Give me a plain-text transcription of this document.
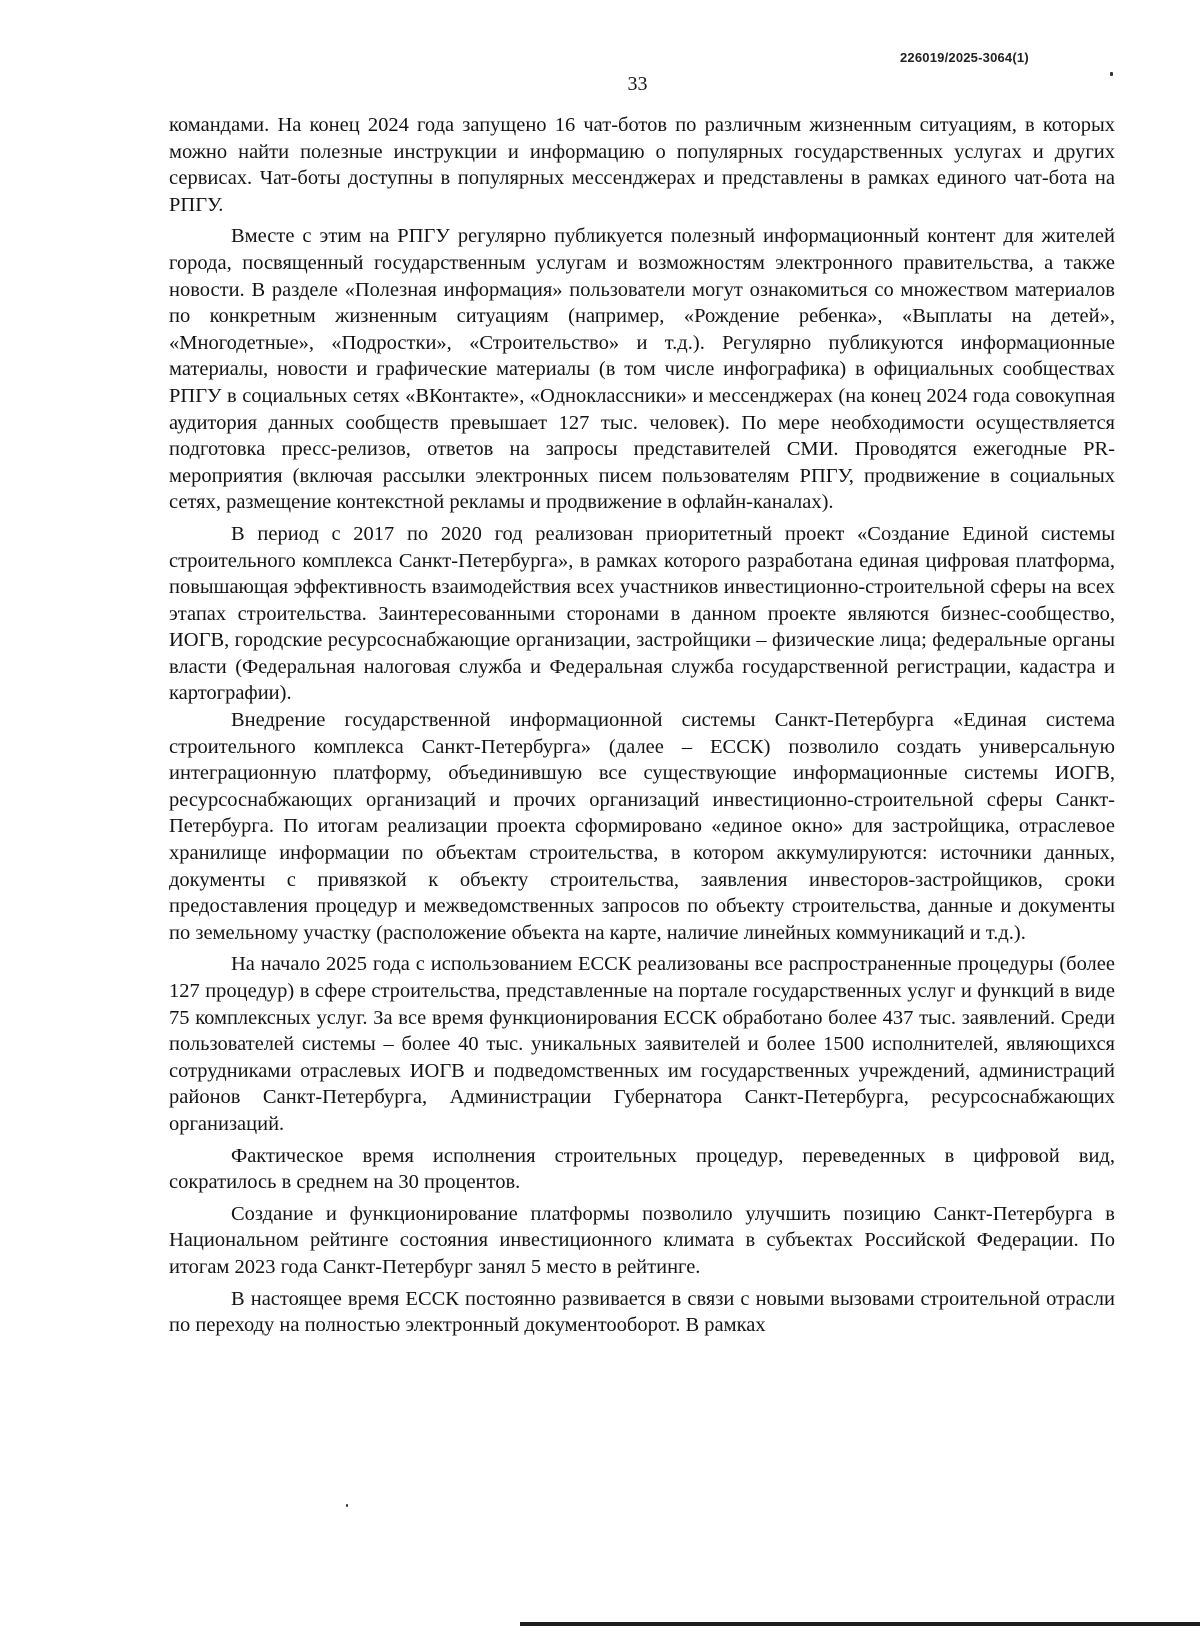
226019/2025-3064(1)
33

командами. На конец 2024 года запущено 16 чат-ботов по различным жизненным ситуациям, в которых можно найти полезные инструкции и информацию о популярных государственных услугах и других сервисах. Чат-боты доступны в популярных мессенджерах и представлены в рамках единого чат-бота на РПГУ.

Вместе с этим на РПГУ регулярно публикуется полезный информационный контент для жителей города, посвященный государственным услугам и возможностям электронного правительства, а также новости. В разделе «Полезная информация» пользователи могут ознакомиться со множеством материалов по конкретным жизненным ситуациям (например, «Рождение ребенка», «Выплаты на детей», «Многодетные», «Подростки», «Строительство» и т.д.). Регулярно публикуются информационные материалы, новости и графические материалы (в том числе инфографика) в официальных сообществах РПГУ в социальных сетях «ВКонтакте», «Одноклассники» и мессенджерах (на конец 2024 года совокупная аудитория данных сообществ превышает 127 тыс. человек). По мере необходимости осуществляется подготовка пресс-релизов, ответов на запросы представителей СМИ. Проводятся ежегодные PR-мероприятия (включая рассылки электронных писем пользователям РПГУ, продвижение в социальных сетях, размещение контекстной рекламы и продвижение в офлайн-каналах).

В период с 2017 по 2020 год реализован приоритетный проект «Создание Единой системы строительного комплекса Санкт-Петербурга», в рамках которого разработана единая цифровая платформа, повышающая эффективность взаимодействия всех участников инвестиционно-строительной сферы на всех этапах строительства. Заинтересованными сторонами в данном проекте являются бизнес-сообщество, ИОГВ, городские ресурсоснабжающие организации, застройщики – физические лица; федеральные органы власти (Федеральная налоговая служба и Федеральная служба государственной регистрации, кадастра и картографии).

Внедрение государственной информационной системы Санкт-Петербурга «Единая система строительного комплекса Санкт-Петербурга» (далее – ЕССК) позволило создать универсальную интеграционную платформу, объединившую все существующие информационные системы ИОГВ, ресурсоснабжающих организаций и прочих организаций инвестиционно-строительной сферы Санкт-Петербурга. По итогам реализации проекта сформировано «единое окно» для застройщика, отраслевое хранилище информации по объектам строительства, в котором аккумулируются: источники данных, документы с привязкой к объекту строительства, заявления инвесторов-застройщиков, сроки предоставления процедур и межведомственных запросов по объекту строительства, данные и документы по земельному участку (расположение объекта на карте, наличие линейных коммуникаций и т.д.).

На начало 2025 года с использованием ЕССК реализованы все распространенные процедуры (более 127 процедур) в сфере строительства, представленные на портале государственных услуг и функций в виде 75 комплексных услуг. За все время функционирования ЕССК обработано более 437 тыс. заявлений. Среди пользователей системы – более 40 тыс. уникальных заявителей и более 1500 исполнителей, являющихся сотрудниками отраслевых ИОГВ и подведомственных им государственных учреждений, администраций районов Санкт-Петербурга, Администрации Губернатора Санкт-Петербурга, ресурсоснабжающих организаций.

Фактическое время исполнения строительных процедур, переведенных в цифровой вид, сократилось в среднем на 30 процентов.

Создание и функционирование платформы позволило улучшить позицию Санкт-Петербурга в Национальном рейтинге состояния инвестиционного климата в субъектах Российской Федерации. По итогам 2023 года Санкт-Петербург занял 5 место в рейтинге.

В настоящее время ЕССК постоянно развивается в связи с новыми вызовами строительной отрасли по переходу на полностью электронный документооборот. В рамках
